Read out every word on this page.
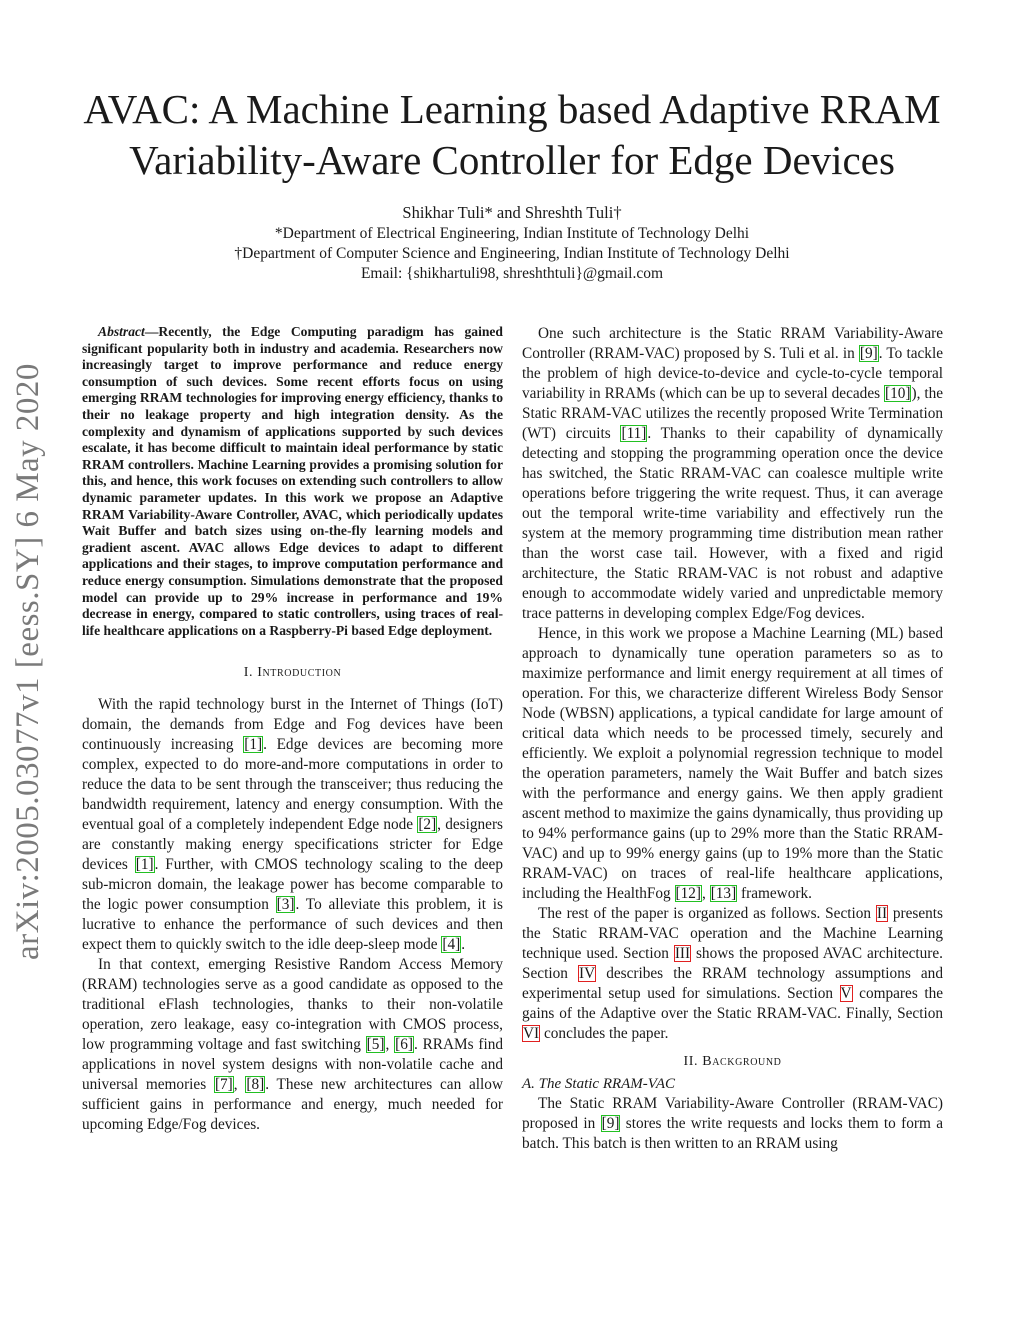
arXiv:2005.03077v1 [eess.SY] 6 May 2020
AVAC: A Machine Learning based Adaptive RRAM
Variability-Aware Controller for Edge Devices
Shikhar Tuli* and Shreshth Tuli†
*Department of Electrical Engineering, Indian Institute of Technology Delhi
†Department of Computer Science and Engineering, Indian Institute of Technology Delhi
Email: {shikhartuli98, shreshthtuli}@gmail.com

Abstract—Recently, the Edge Computing paradigm has gained significant popularity both in industry and academia. Researchers now increasingly target to improve performance and reduce energy consumption of such devices. Some recent efforts focus on using emerging RRAM technologies for improving energy efficiency, thanks to their no leakage property and high integration density. As the complexity and dynamism of applications supported by such devices escalate, it has become difficult to maintain ideal performance by static RRAM controllers. Machine Learning provides a promising solution for this, and hence, this work focuses on extending such controllers to allow dynamic parameter updates. In this work we propose an Adaptive RRAM Variability-Aware Controller, AVAC, which periodically updates Wait Buffer and batch sizes using on-the-fly learning models and gradient ascent. AVAC allows Edge devices to adapt to different applications and their stages, to improve computation performance and reduce energy consumption. Simulations demonstrate that the proposed model can provide up to 29% increase in performance and 19% decrease in energy, compared to static controllers, using traces of real-life healthcare applications on a Raspberry-Pi based Edge deployment.

I. Introduction

With the rapid technology burst in the Internet of Things (IoT) domain, the demands from Edge and Fog devices have been continuously increasing [1]. Edge devices are becoming more complex, expected to do more-and-more computations in order to reduce the data to be sent through the transceiver; thus reducing the bandwidth requirement, latency and energy consumption. With the eventual goal of a completely independent Edge node [2], designers are constantly making energy specifications stricter for Edge devices [1]. Further, with CMOS technology scaling to the deep sub-micron domain, the leakage power has become comparable to the logic power consumption [3]. To alleviate this problem, it is lucrative to enhance the performance of such devices and then expect them to quickly switch to the idle deep-sleep mode [4].

In that context, emerging Resistive Random Access Memory (RRAM) technologies serve as a good candidate as opposed to the traditional eFlash technologies, thanks to their non-volatile operation, zero leakage, easy co-integration with CMOS process, low programming voltage and fast switching [5], [6]. RRAMs find applications in novel system designs with non-volatile cache and universal memories [7], [8]. These new architectures can allow sufficient gains in performance and energy, much needed for upcoming Edge/Fog devices.

One such architecture is the Static RRAM Variability-Aware Controller (RRAM-VAC) proposed by S. Tuli et al. in [9]. To tackle the problem of high device-to-device and cycle-to-cycle temporal variability in RRAMs (which can be up to several decades [10]), the Static RRAM-VAC utilizes the recently proposed Write Termination (WT) circuits [11]. Thanks to their capability of dynamically detecting and stopping the programming operation once the device has switched, the Static RRAM-VAC can coalesce multiple write operations before triggering the write request. Thus, it can average out the temporal write-time variability and effectively run the system at the memory programming time distribution mean rather than the worst case tail. However, with a fixed and rigid architecture, the Static RRAM-VAC is not robust and adaptive enough to accommodate widely varied and unpredictable memory trace patterns in developing complex Edge/Fog devices.

Hence, in this work we propose a Machine Learning (ML) based approach to dynamically tune operation parameters so as to maximize performance and limit energy requirement at all times of operation. For this, we characterize different Wireless Body Sensor Node (WBSN) applications, a typical candidate for large amount of critical data which needs to be processed timely, securely and efficiently. We exploit a polynomial regression technique to model the operation parameters, namely the Wait Buffer and batch sizes with the performance and energy gains. We then apply gradient ascent method to maximize the gains dynamically, thus providing up to 94% performance gains (up to 29% more than the Static RRAM-VAC) and up to 99% energy gains (up to 19% more than the Static RRAM-VAC) on traces of real-life healthcare applications, including the HealthFog [12], [13] framework.

The rest of the paper is organized as follows. Section II presents the Static RRAM-VAC operation and the Machine Learning technique used. Section III shows the proposed AVAC architecture. Section IV describes the RRAM technology assumptions and experimental setup used for simulations. Section V compares the gains of the Adaptive over the Static RRAM-VAC. Finally, Section VI concludes the paper.

II. Background

A. The Static RRAM-VAC

The Static RRAM Variability-Aware Controller (RRAM-VAC) proposed in [9] stores the write requests and locks them to form a batch. This batch is then written to an RRAM using
